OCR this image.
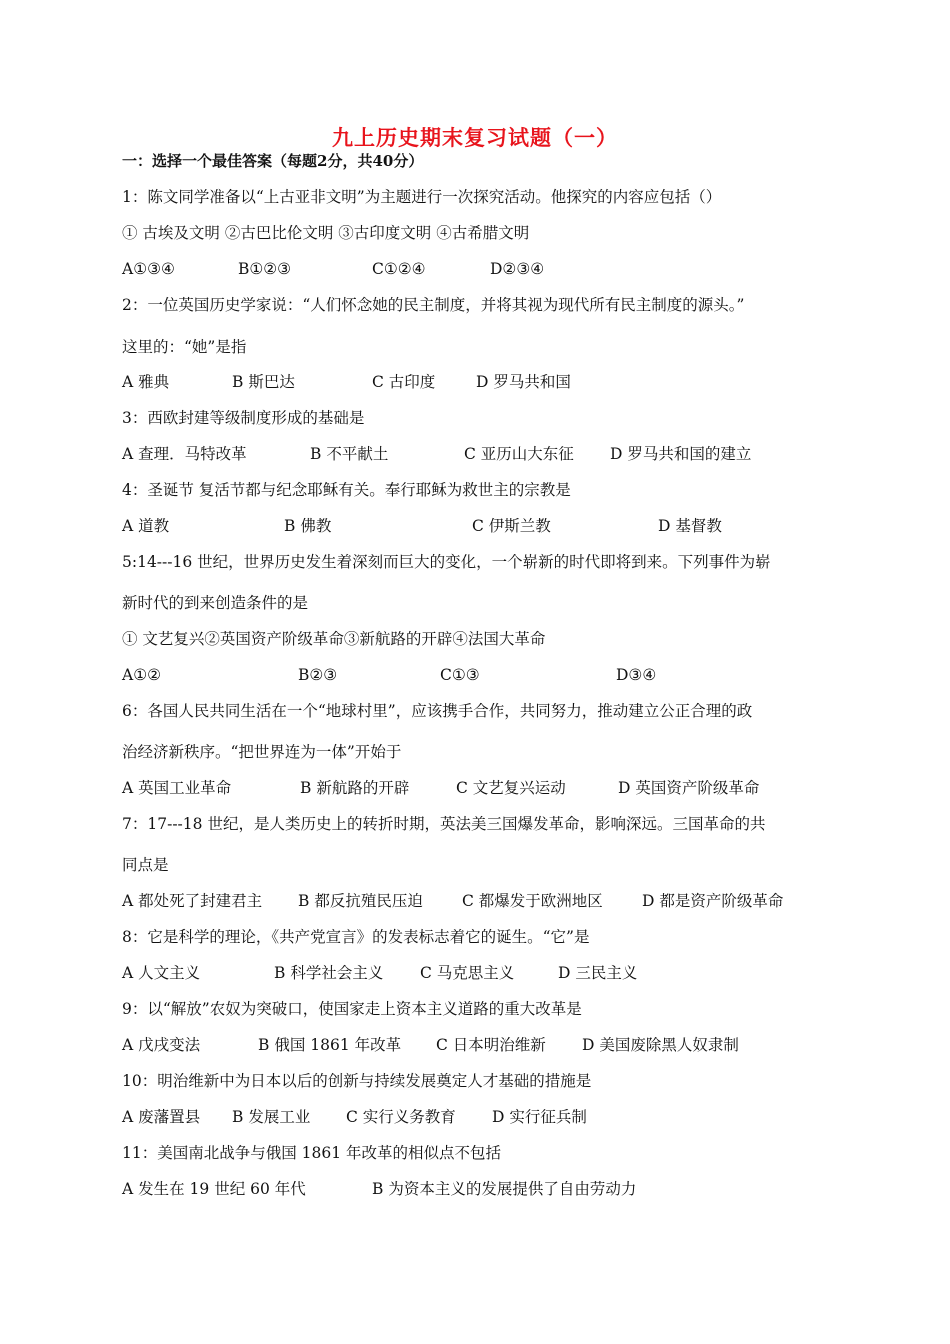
九上历史期末复习试题（一）
一：选择一个最佳答案（每题2分，共40分）
1：陈文同学准备以“上古亚非文明”为主题进行一次探究活动。他探究的内容应包括（）
① 古埃及文明 ②古巴比伦文明 ③古印度文明 ④古希腊文明
A①③④	B①②③	C①②④	D②③④
2：一位英国历史学家说：“人们怀念她的民主制度，并将其视为现代所有民主制度的源头。”
这里的：“她”是指
A 雅典	B 斯巴达	C 古印度	D 罗马共和国
3：西欧封建等级制度形成的基础是
A 查理．马特改革	B 不平献土	C 亚历山大东征 D 罗马共和国的建立
4：圣诞节 复活节都与纪念耶稣有关。奉行耶稣为救世主的宗教是
A 道教	B 佛教	C 伊斯兰教	D 基督教
5:14---16 世纪，世界历史发生着深刻而巨大的变化，一个崭新的时代即将到来。下列事件为崭
新时代的到来创造条件的是
① 文艺复兴②英国资产阶级革命③新航路的开辟④法国大革命
A①②	B②③	C①③	D③④
6：各国人民共同生活在一个“地球村里”，应该携手合作，共同努力，推动建立公正合理的政
治经济新秩序。“把世界连为一体”开始于
A 英国工业革命	B 新航路的开辟	C 文艺复兴运动	D 英国资产阶级革命
7：17---18 世纪，是人类历史上的转折时期，英法美三国爆发革命，影响深远。三国革命的共
同点是
A 都处死了封建君主 B 都反抗殖民压迫	C 都爆发于欧洲地区	D 都是资产阶级革命
8：它是科学的理论，《共产党宣言》的发表标志着它的诞生。“它”是
A 人文主义	B 科学社会主义 C 马克思主义	D 三民主义
9：以“解放”农奴为突破口，使国家走上资本主义道路的重大改革是
A 戊戌变法	B 俄国 1861 年改革 C 日本明治维新 D 美国废除黑人奴隶制
10：明治维新中为日本以后的创新与持续发展奠定人才基础的措施是
A 废藩置县 B 发展工业 C 实行义务教育 D 实行征兵制
11：美国南北战争与俄国 1861 年改革的相似点不包括
A 发生在 19 世纪 60 年代	B 为资本主义的发展提供了自由劳动力
